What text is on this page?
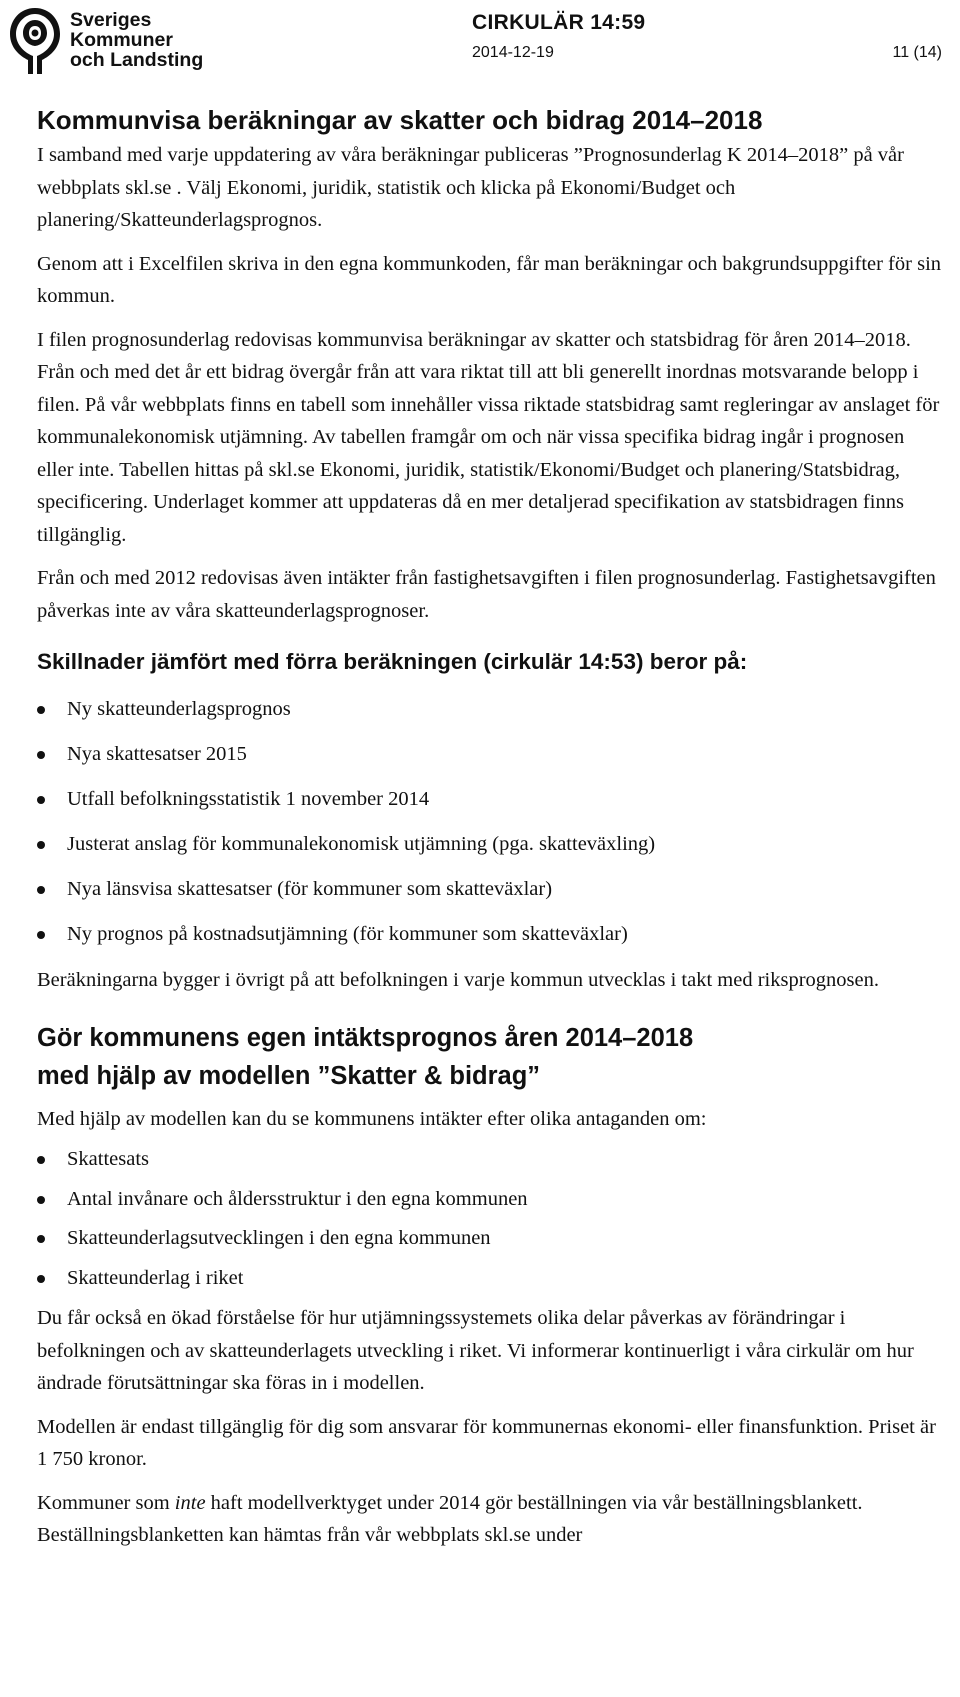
Sveriges
Kommuner
och Landsting
CIRKULÄR 14:59
2014-12-19	11 (14)
Kommunvisa beräkningar av skatter och bidrag 2014–2018

I samband med varje uppdatering av våra beräkningar publiceras ”Prognosunderlag K 2014–2018” på vår webbplats skl.se . Välj Ekonomi, juridik, statistik och klicka på Ekonomi/Budget och planering/Skatteunderlagsprognos.

Genom att i Excelfilen skriva in den egna kommunkoden, får man beräkningar och bakgrundsuppgifter för sin kommun.

I filen prognosunderlag redovisas kommunvisa beräkningar av skatter och statsbidrag för åren 2014–2018. Från och med det år ett bidrag övergår från att vara riktat till att bli generellt inordnas motsvarande belopp i filen. På vår webbplats finns en tabell som innehåller vissa riktade statsbidrag samt regleringar av anslaget för kommunalekonomisk utjämning. Av tabellen framgår om och när vissa specifika bidrag ingår i prognosen eller inte. Tabellen hittas på skl.se Ekonomi, juridik, statistik/Ekonomi/Budget och planering/Statsbidrag, specificering. Underlaget kommer att uppdateras då en mer detaljerad specifikation av statsbidragen finns tillgänglig.

Från och med 2012 redovisas även intäkter från fastighetsavgiften i filen prognosunderlag. Fastighetsavgiften påverkas inte av våra skatteunderlagsprognoser.

Skillnader jämfört med förra beräkningen (cirkulär 14:53) beror på:
Ny skatteunderlagsprognos
Nya skattesatser 2015
Utfall befolkningsstatistik 1 november 2014
Justerat anslag för kommunalekonomisk utjämning (pga. skatteväxling)
Nya länsvisa skattesatser (för kommuner som skatteväxlar)
Ny prognos på kostnadsutjämning (för kommuner som skatteväxlar)

Beräkningarna bygger i övrigt på att befolkningen i varje kommun utvecklas i takt med riksprognosen.

Gör kommunens egen intäktsprognos åren 2014–2018
med hjälp av modellen ”Skatter & bidrag”

Med hjälp av modellen kan du se kommunens intäkter efter olika antaganden om:

Skattesats
Antal invånare och åldersstruktur i den egna kommunen
Skatteunderlagsutvecklingen i den egna kommunen
Skatteunderlag i riket

Du får också en ökad förståelse för hur utjämningssystemets olika delar påverkas av förändringar i befolkningen och av skatteunderlagets utveckling i riket. Vi informerar kontinuerligt i våra cirkulär om hur ändrade förutsättningar ska föras in i modellen.

Modellen är endast tillgänglig för dig som ansvarar för kommunernas ekonomi- eller finansfunktion. Priset är 1 750 kronor.

Kommuner som inte haft modellverktyget under 2014 gör beställningen via vår beställningsblankett. Beställningsblanketten kan hämtas från vår webbplats skl.se under
